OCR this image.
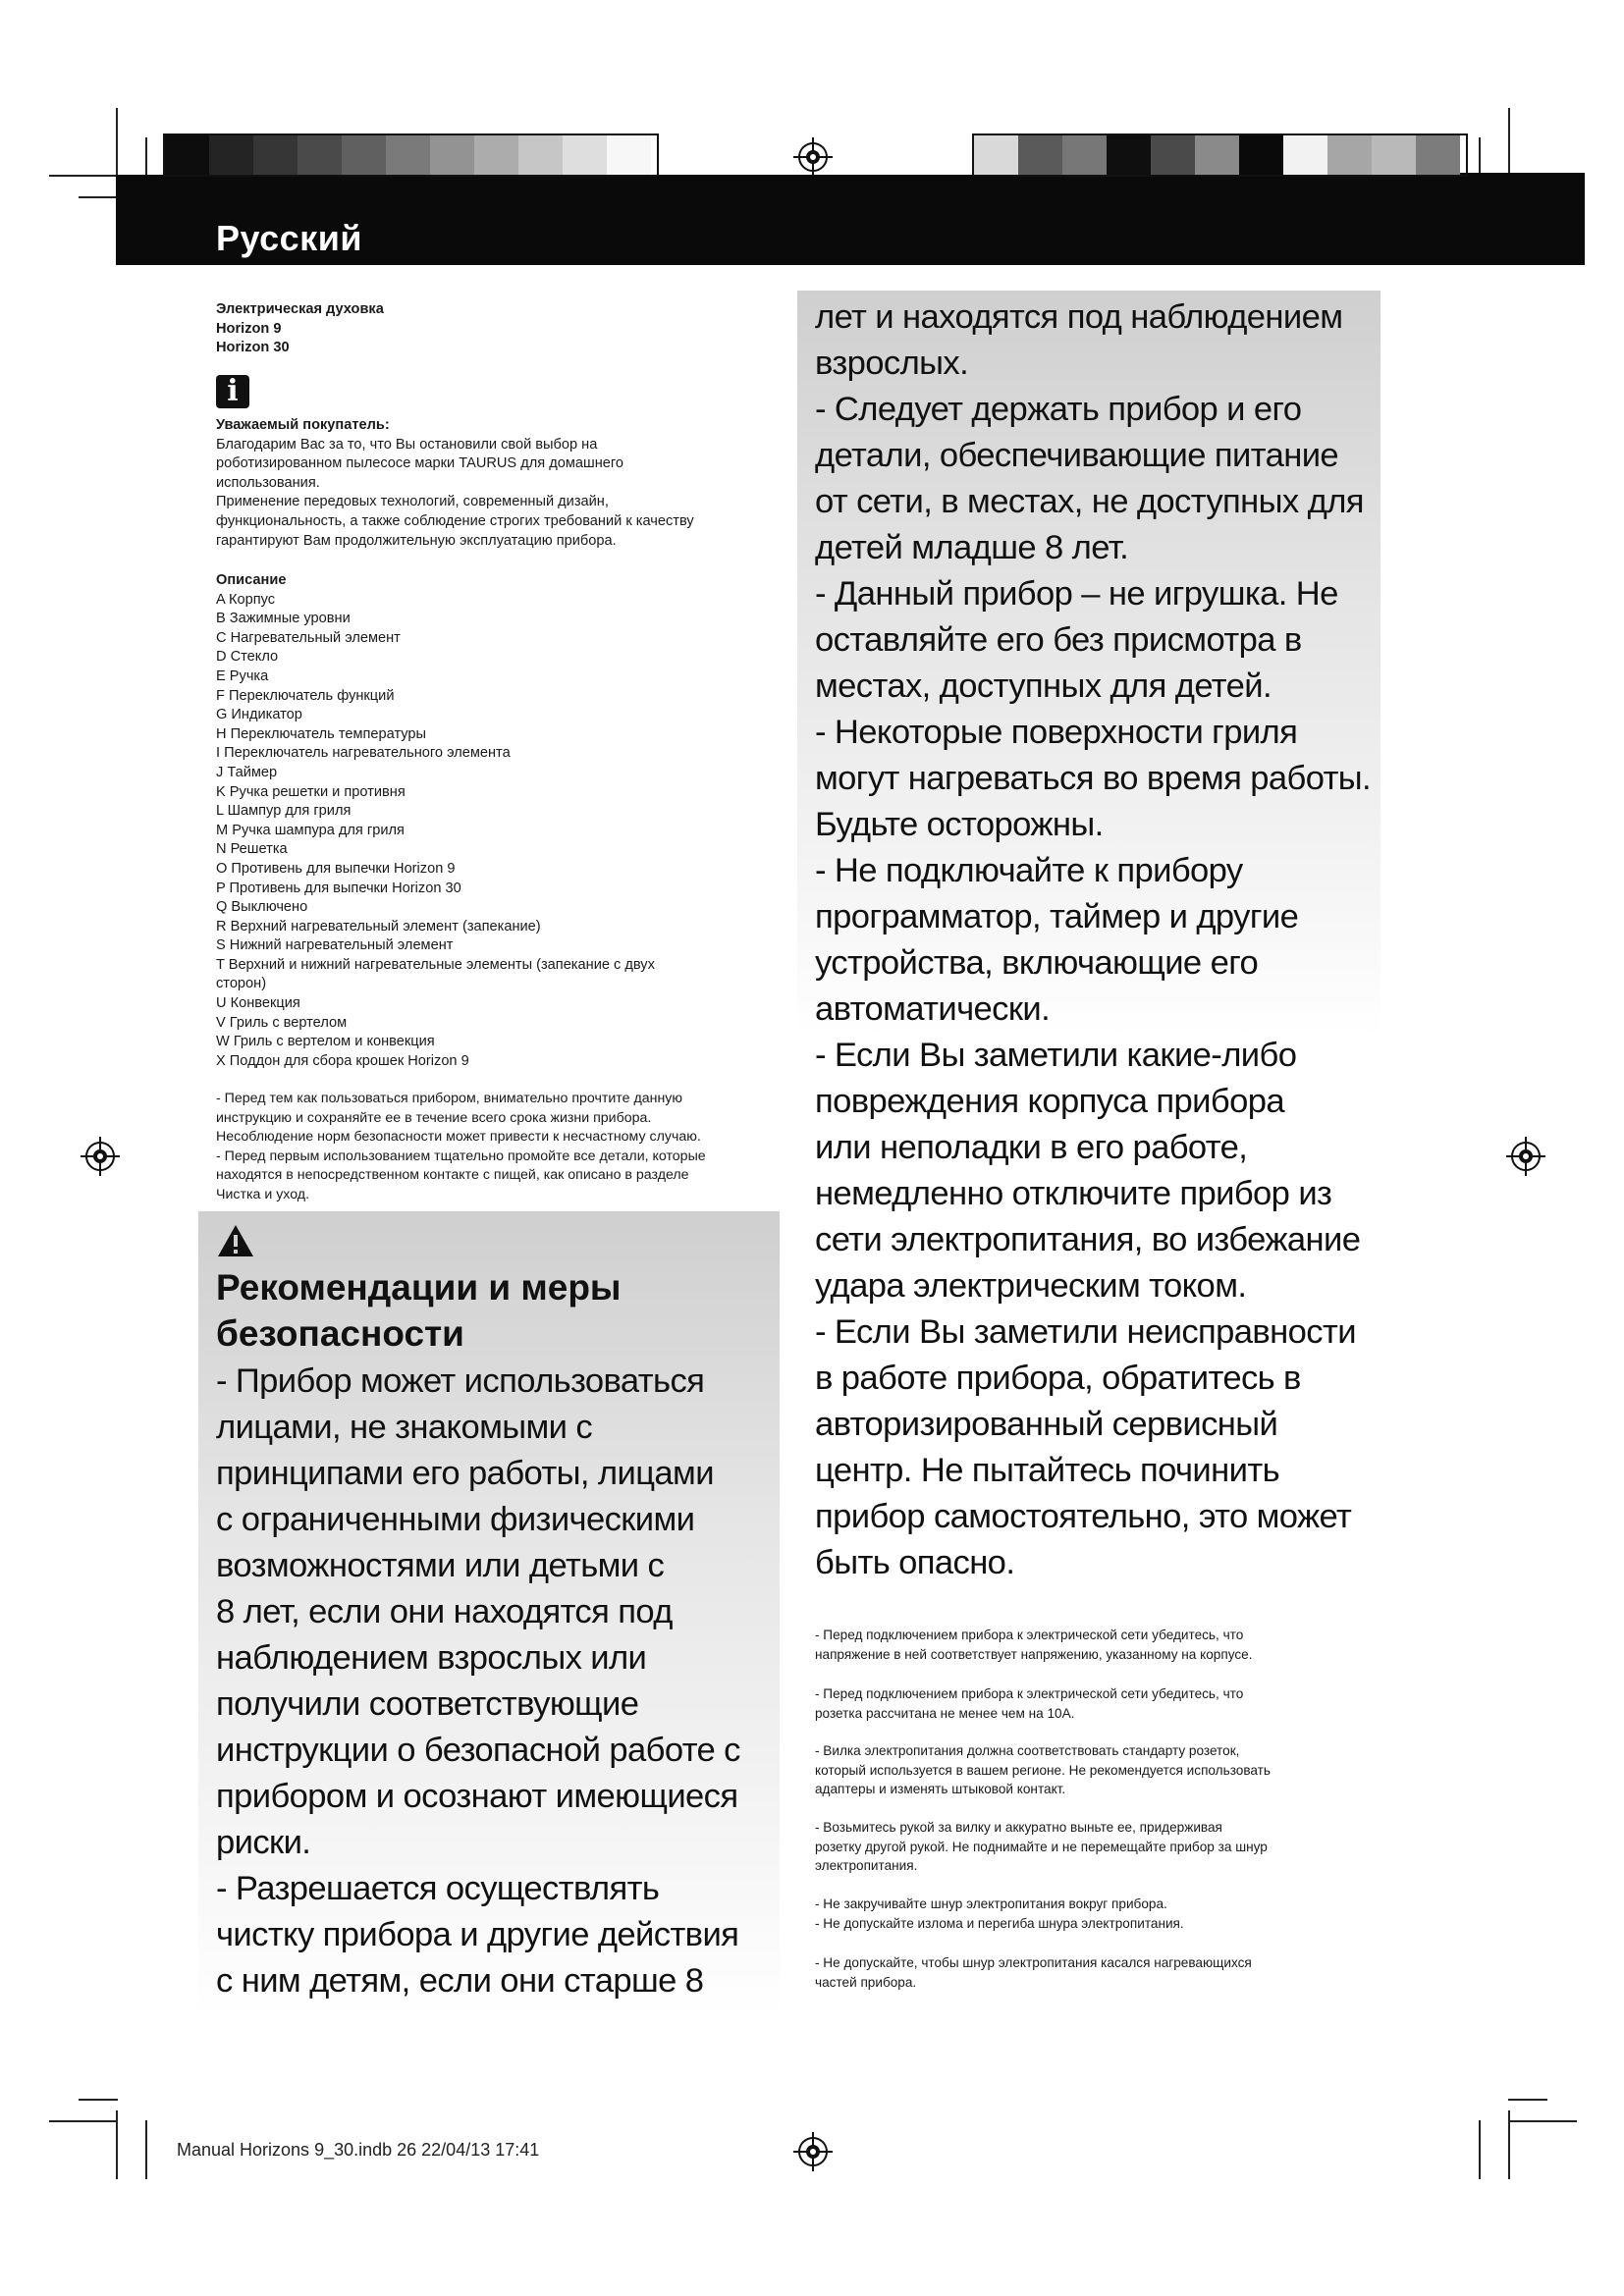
Русский
Электрическая духовка
Horizon 9
Horizon 30
i
Уважаемый покупатель:
Благодарим Вас за то, что Вы остановили свой выбор на
роботизированном пылесосе марки TAURUS для домашнего
использования.
Применение передовых технологий, современный дизайн,
функциональность, а также соблюдение строгих требований к качеству
гарантируют Вам продолжительную эксплуатацию прибора.
Описание
A Корпус
B Зажимные уровни
C Нагревательный элемент
D Стекло
E Ручка
F Переключатель функций
G Индикатор
H Переключатель температуры
I Переключатель нагревательного элемента
J Таймер
K Ручка решетки и противня
L Шампур для гриля
M Ручка шампура для гриля
N Решетка
O Противень для выпечки Horizon 9
P Противень для выпечки Horizon 30
Q Выключено
R Верхний нагревательный элемент (запекание)
S Нижний нагревательный элемент
T Верхний и нижний нагревательные элементы (запекание с двух
сторон)
U Конвекция
V Гриль с вертелом
W Гриль с вертелом и конвекция
X Поддон для сбора крошек Horizon 9
- Перед тем как пользоваться прибором, внимательно прочтите данную
инструкцию и сохраняйте ее в течение всего срока жизни прибора.
Несоблюдение норм безопасности может привести к несчастному случаю.
- Перед первым использованием тщательно промойте все детали, которые
находятся в непосредственном контакте с пищей, как описано в разделе
Чистка и уход.
Рекомендации и меры
безопасности
- Прибор может использоваться
лицами, не знакомыми с
принципами его работы, лицами
с ограниченными физическими
возможностями или детьми с
8 лет, если они находятся под
наблюдением взрослых или
получили соответствующие
инструкции о безопасной работе с
прибором и осознают имеющиеся
риски.
- Разрешается осуществлять
чистку прибора и другие действия
с ним детям, если они старше 8
лет и находятся под наблюдением
взрослых.
- Следует держать прибор и его
детали, обеспечивающие питание
от сети, в местах, не доступных для
детей младше 8 лет.
- Данный прибор – не игрушка. Не
оставляйте его без присмотра в
местах, доступных для детей.
- Некоторые поверхности гриля
могут нагреваться во время работы.
Будьте осторожны.
- Не подключайте к прибору
программатор, таймер и другие
устройства, включающие его
автоматически.
- Если Вы заметили какие-либо
повреждения корпуса прибора
или неполадки в его работе,
немедленно отключите прибор из
сети электропитания, во избежание
удара электрическим током.
- Если Вы заметили неисправности
в работе прибора, обратитесь в
авторизированный сервисный
центр. Не пытайтесь починить
прибор самостоятельно, это может
быть опасно.
- Перед подключением прибора к электрической сети убедитесь, что
напряжение в ней соответствует напряжению, указанному на корпусе.
- Перед подключением прибора к электрической сети убедитесь, что
розетка рассчитана не менее чем на 10А.
- Вилка электропитания должна соответствовать стандарту розеток,
который используется в вашем регионе. Не рекомендуется использовать
адаптеры и изменять штыковой контакт.
- Возьмитесь рукой за вилку и аккуратно выньте ее, придерживая
розетку другой рукой. Не поднимайте и не перемещайте прибор за шнур
электропитания.
- Не закручивайте шнур электропитания вокруг прибора.
- Не допускайте излома и перегиба шнура электропитания.
- Не допускайте, чтобы шнур электропитания касался нагревающихся
частей прибора.
Manual Horizons 9_30.indb 26 22/04/13 17:41
